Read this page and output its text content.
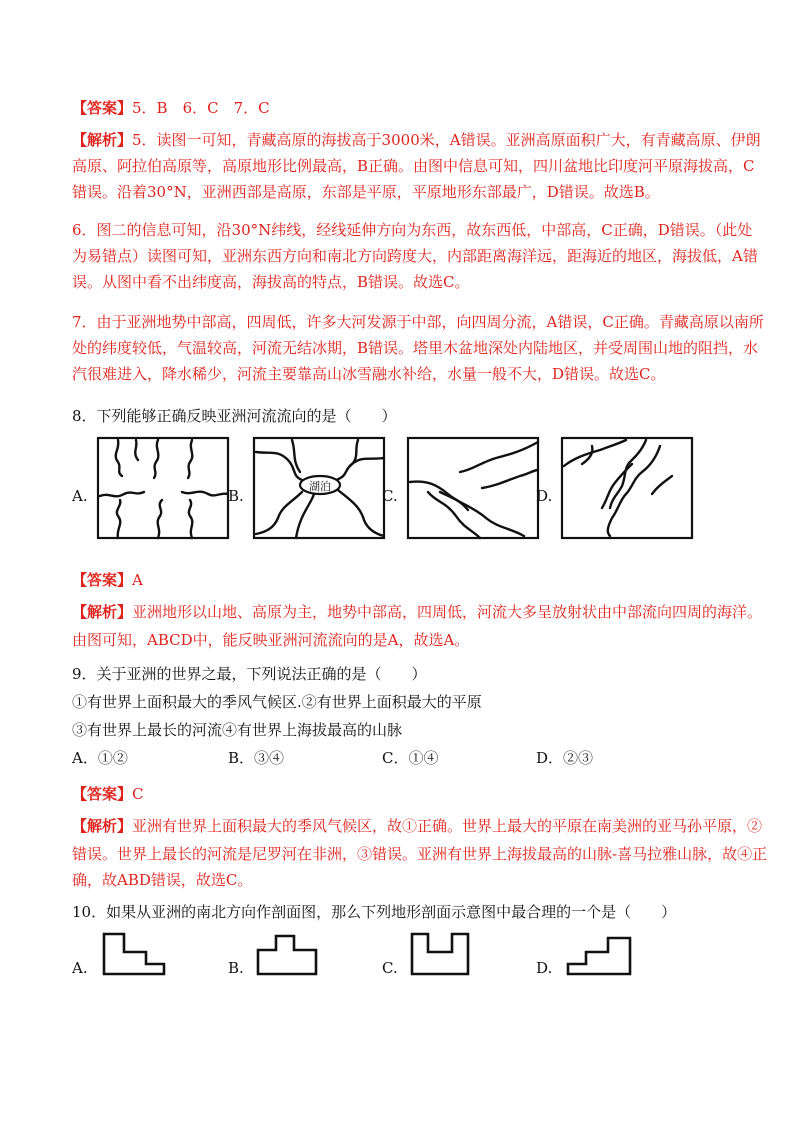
【答案】5．B　6．C　7．C
【解析】5．读图一可知，青藏高原的海拔高于3000米，A错误。亚洲高原面积广大，有青藏高原、伊朗
高原、阿拉伯高原等，高原地形比例最高，B正确。由图中信息可知，四川盆地比印度河平原海拔高，C
错误。沿着30°N，亚洲西部是高原，东部是平原，平原地形东部最广，D错误。故选B。
6．图二的信息可知，沿30°N纬线，经线延伸方向为东西，故东西低，中部高，C正确，D错误。（此处
为易错点）读图可知，亚洲东西方向和南北方向跨度大，内部距离海洋远，距海近的地区，海拔低，A错
误。从图中看不出纬度高，海拔高的特点，B错误。故选C。
7．由于亚洲地势中部高，四周低，许多大河发源于中部，向四周分流，A错误，C正确。青藏高原以南所
处的纬度较低，气温较高，河流无结冰期，B错误。塔里木盆地深处内陆地区，并受周围山地的阻挡，水
汽很难进入，降水稀少，河流主要靠高山冰雪融水补给，水量一般不大，D错误。故选C。
8．下列能够正确反映亚洲河流流向的是（　　）
A.	B.
湖泊
C.	D.
【答案】A
【解析】亚洲地形以山地、高原为主，地势中部高，四周低，河流大多呈放射状由中部流向四周的海洋。
由图可知，ABCD中，能反映亚洲河流流向的是A，故选A。
9．关于亚洲的世界之最，下列说法正确的是（　　）
①有世界上面积最大的季风气候区.②有世界上面积最大的平原
③有世界上最长的河流④有世界上海拔最高的山脉
A．①②	B．③④	C．①④	D．②③
【答案】C
【解析】亚洲有世界上面积最大的季风气候区，故①正确。世界上最大的平原在南美洲的亚马孙平原，②
错误。世界上最长的河流是尼罗河在非洲，③错误。亚洲有世界上海拔最高的山脉-喜马拉雅山脉，故④正
确，故ABD错误，故选C。
10．如果从亚洲的南北方向作剖面图，那么下列地形剖面示意图中最合理的一个是（　　）
A.	B.	C.	D.
